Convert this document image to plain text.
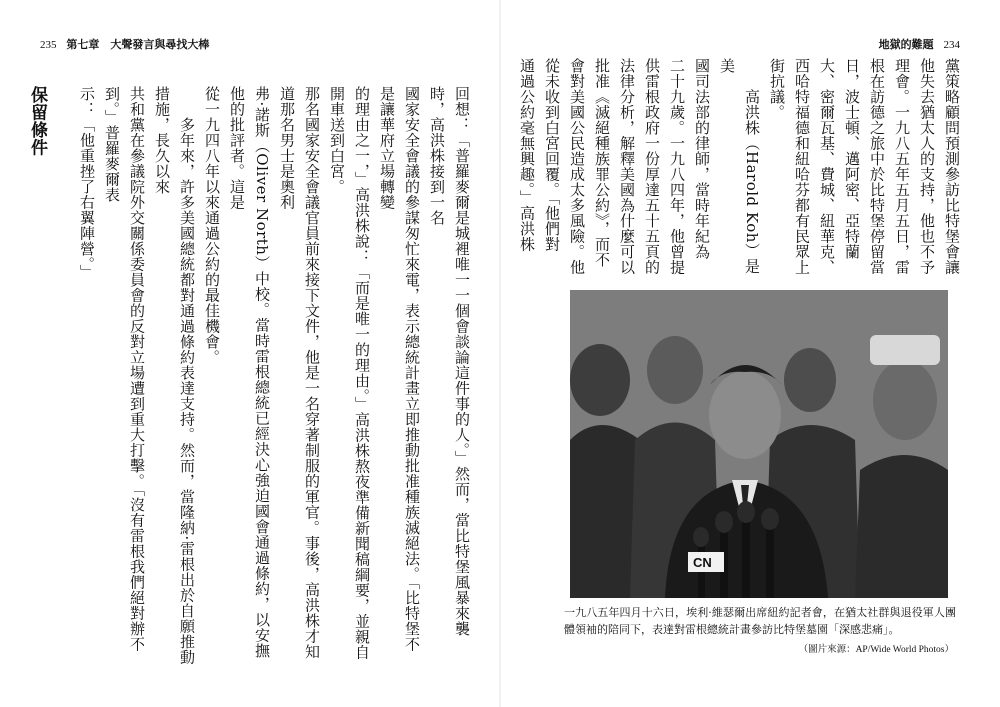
235 第七章　大聲發言與尋找大棒
回想：「普羅麥爾是城裡唯一一個會談論這件事的人。」然而，當比特堡風暴來襲時，高洪株接到一名
國家安全會議的參謀匆忙來電，表示總統計畫立即推動批准種族滅絕法。「比特堡不是讓華府立場轉變
的理由之一，」高洪株說：「而是唯一的理由。」高洪株熬夜準備新聞稿綱要，並親自開車送到白宮。
那名國家安全會議官員前來接下文件，他是一名穿著制服的軍官。事後，高洪株才知道那名男士是奧利
弗·諾斯（Oliver North）中校。當時雷根總統已經決心強迫國會通過條約，以安撫他的批評者。這是
從一九四八年以來通過公約的最佳機會。
　　多年來，許多美國總統都對通過條約表達支持。然而，當隆納·雷根出於自願推動措施，長久以來
共和黨在參議院外交關係委員會的反對立場遭到重大打擊。「沒有雷根我們絕對辦不到。」普羅麥爾表
示：「他重挫了右翼陣營。」

保留條件

地獄的難題 234
黨策略顧問預測參訪比特堡會讓
他失去猶太人的支持，他也不予
理會。一九八五年五月五日，雷
根在訪德之旅中於比特堡停留當
日，波士頓、邁阿密、亞特蘭
大、密爾瓦基、費城、紐華克、
西哈特福德和紐哈芬都有民眾上
街抗議。
　　高洪株（Harold Koh）是美
國司法部的律師，當時年紀為
二十九歲。一九八四年，他曾提
供雷根政府一份厚達五十五頁的
法律分析，解釋美國為什麼可以
批准《滅絕種族罪公約》，而不
會對美國公民造成太多風險。他
從未收到白宮回覆。「他們對
通過公約毫無興趣。」高洪株
CN
一九八五年四月十六日，埃利·維瑟爾出席紐約記者會，在猶太社群與退役軍人團體領袖的陪同下，表達對雷根總統計畫參訪比特堡墓園「深感悲痛」。
（圖片來源：AP/Wide World Photos）
